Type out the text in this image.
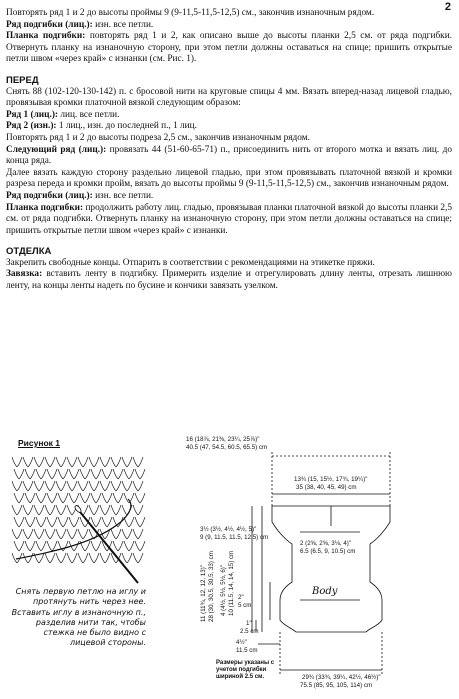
2

Повторять ряд 1 и 2 до высоты проймы 9 (9-11,5-11,5-12,5) см., закончив изнаночным рядом.

Ряд подгибки (лиц.): изн. все петли.

Планка подгибки: повторять ряд 1 и 2, как описано выше до высоты планки 2,5 см. от ряда подгибки. Отвернуть планку на изнаночную сторону, при этом петли должны оставаться на спице; пришить открытые петли швом «через край» с изнанки (см. Рис. 1).

ПЕРЕД

Снять 88 (102-120-130-142) п. с бросовой нити на круговые спицы 4 мм. Вязать вперед-назад лицевой гладью, провязывая кромки платочной вязкой следующим образом:

Ряд 1 (лиц.): лиц. все петли.

Ряд 2 (изн.): 1 лиц., изн. до последней п., 1 лиц.

Повторять ряд 1 и 2 до высоты подреза 2,5 см., закончив изнаночным рядом.

Следующий ряд (лиц.): провязать 44 (51-60-65-71) п., присоединить нить от второго мотка и вязать лиц. до конца ряда.

Далее вязать каждую сторону раздельно лицевой гладью, при этом провязывать платочной вязкой и кромки разреза переда и кромки пройм, вязать до высоты проймы 9 (9-11,5-11,5-12,5) см., закончив изнаночным рядом.

Ряд подгибки (лиц.): изн. все петли.

Планка подгибки: продолжить работу лиц. гладью, провязывая планки платочной вязкой до высоты планки 2,5 см. от ряда подгибки. Отвернуть планку на изнаночную сторону, при этом петли должны оставаться на спице; пришить открытые петли швом «через край» с изнанки.

ОТДЕЛКА

Закрепить свободные концы. Отпарить в соответствии с рекомендациями на этикетке пряжи.

Завязка: вставить ленту в подгибку. Примерить изделие и отрегулировать длину ленты, отрезать лишнюю ленту, на концы ленты надеть по бусине и кончики завязать узелком.

Рисунок 1
Снять первую петлю на иглу и протянуть нить через нее. Вставить иглу в изнаночную п., разделив нити так, чтобы стежка не было видно с лицевой стороны.
16 (18⅞, 21⅜, 23¼, 25⅞)"
40.5 (47, 54.5, 60.5, 65.5) cm
13¾ (15, 15½, 17¾, 19¼)"
35 (38, 40, 45, 49) cm
3½ (3½, 4½, 4½, 5)"
9 (9, 11.5, 11.5, 12.5) cm
2 (2⅝, 2⅝, 3⅛, 4)"
6.5 (6.5, 9, 10.5) cm
11 (11¾, 12, 12, 13)" 28 (30, 30.5, 30.5, 33) cm 4 (4½, 5½, 5½, 6)" 10 (11.5, 14, 14, 15) cm 2"
5 cm
1"
2.5 cm
4½"
11.5 cm
Body
29¾ (33¾, 39¼, 42½, 46½)"
75.5 (85, 95, 105, 114) cm
Размеры указаны с учетом подгибки шириной 2.5 см.
